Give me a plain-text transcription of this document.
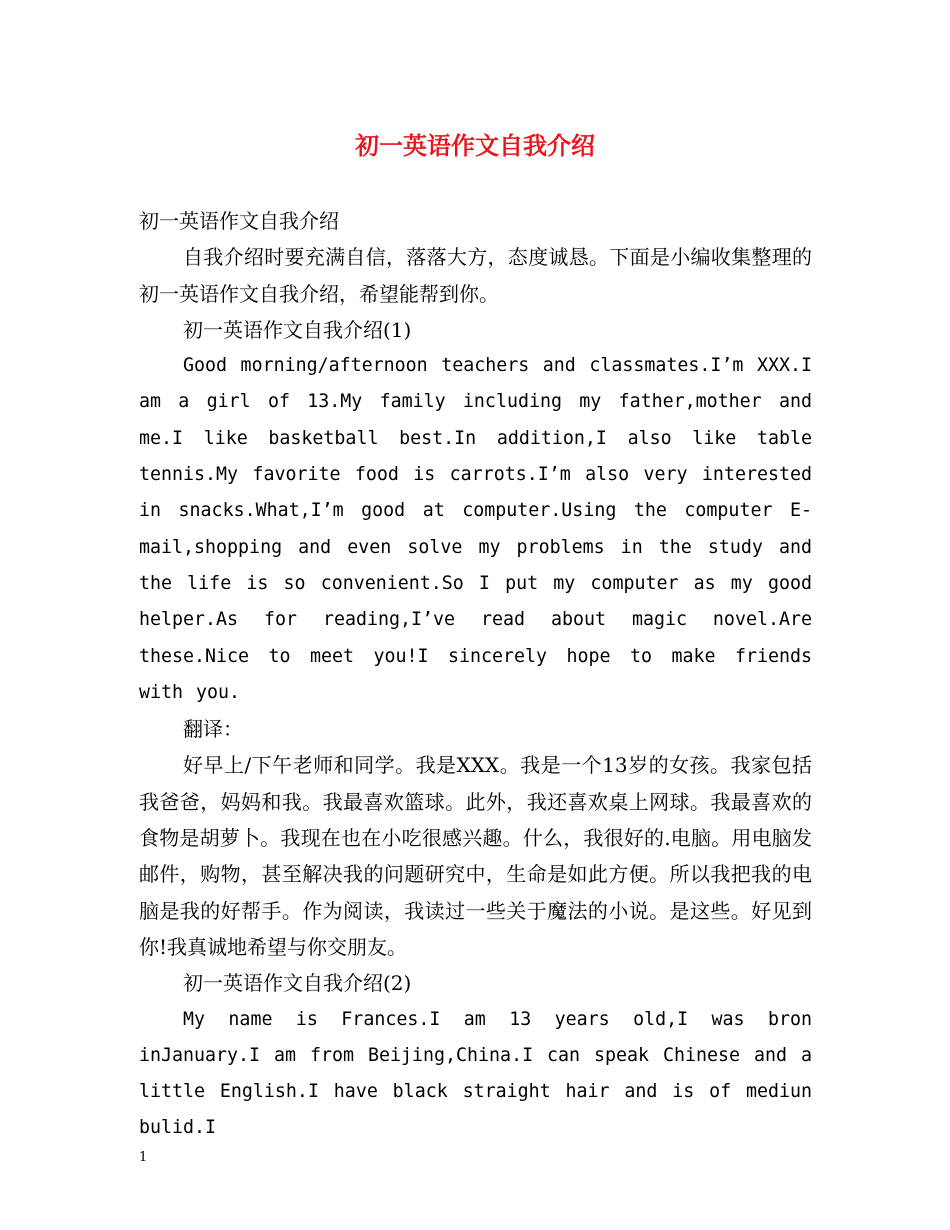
初一英语作文自我介绍

初一英语作文自我介绍

自我介绍时要充满自信，落落大方，态度诚恳。下面是小编收集整理的初一英语作文自我介绍，希望能帮到你。

初一英语作文自我介绍(1)

Good morning/afternoon teachers and classmates.I’m XXX.I am a girl of 13.My family including my father,mother and me.I like basketball best.In addition,I also like table tennis.My favorite food is carrots.I’m also very interested in snacks.What,I’m good at computer.Using the computer E-mail,shopping and even solve my problems in the study and the life is so convenient.So I put my computer as my good helper.As for reading,I’ve read about magic novel.Are these.Nice to meet you!I sincerely hope to make friends with you.

翻译：

好早上/下午老师和同学。我是XXX。我是一个13岁的女孩。我家包括我爸爸，妈妈和我。我最喜欢篮球。此外，我还喜欢桌上网球。我最喜欢的食物是胡萝卜。我现在也在小吃很感兴趣。什么，我很好的.电脑。用电脑发邮件，购物，甚至解决我的问题研究中，生命是如此方便。所以我把我的电脑是我的好帮手。作为阅读，我读过一些关于魔法的小说。是这些。好见到你!我真诚地希望与你交朋友。

初一英语作文自我介绍(2)

My name is Frances.I am 13 years old,I was bron inJanuary.I am from Beijing,China.I can speak Chinese and a little English.I have black straight hair and is of mediun bulid.I

1
